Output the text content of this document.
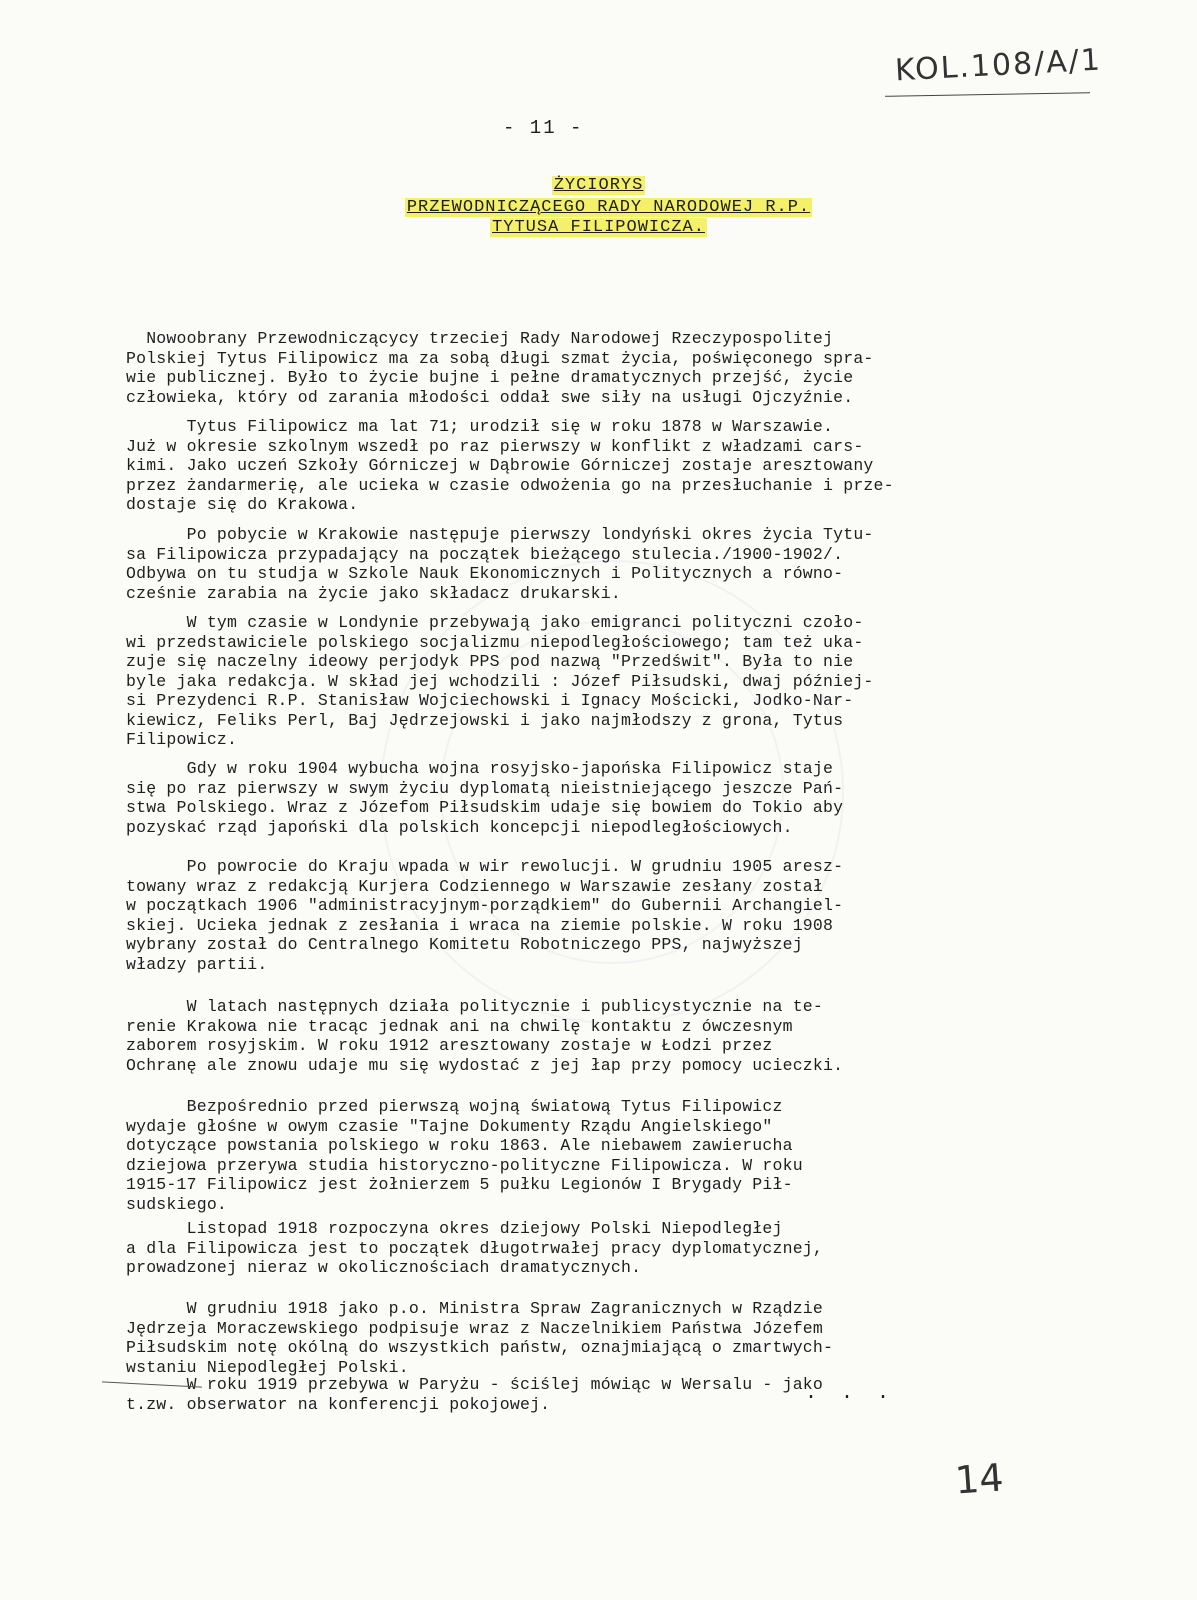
KOL.108/A/1
- 11 -
ŻYCIORYS
PRZEWODNICZĄCEGO RADY NARODOWEJ R.P.
TYTUSA FILIPOWICZA.

Nowoobrany Przewodniczącycy trzeciej Rady Narodowej Rzeczypospolitej
Polskiej Tytus Filipowicz ma za sobą długi szmat życia, poświęconego spra-
wie publicznej. Było to życie bujne i pełne dramatycznych przejść, życie
człowieka, który od zarania młodości oddał swe siły na usługi Ojczyźnie.

Tytus Filipowicz ma lat 71; urodził się w roku 1878 w Warszawie.
Już w okresie szkolnym wszedł po raz pierwszy w konflikt z władzami cars-
kimi. Jako uczeń Szkoły Górniczej w Dąbrowie Górniczej zostaje aresztowany
przez żandarmerię, ale ucieka w czasie odwożenia go na przesłuchanie i prze-
dostaje się do Krakowa.

Po pobycie w Krakowie następuje pierwszy londyński okres życia Tytu-
sa Filipowicza przypadający na początek bieżącego stulecia./1900-1902/.
Odbywa on tu studja w Szkole Nauk Ekonomicznych i Politycznych a równo-
cześnie zarabia na życie jako składacz drukarski.

W tym czasie w Londynie przebywają jako emigranci polityczni czoło-
wi przedstawiciele polskiego socjalizmu niepodległościowego; tam też uka-
zuje się naczelny ideowy perjodyk PPS pod nazwą "Przedświt". Była to nie
byle jaka redakcja. W skład jej wchodzili : Józef Piłsudski, dwaj później-
si Prezydenci R.P. Stanisław Wojciechowski i Ignacy Mościcki, Jodko-Nar-
kiewicz, Feliks Perl, Baj Jędrzejowski i jako najmłodszy z grona, Tytus
Filipowicz.

Gdy w roku 1904 wybucha wojna rosyjsko-japońska Filipowicz staje
się po raz pierwszy w swym życiu dyplomatą nieistniejącego jeszcze Pań-
stwa Polskiego. Wraz z Józefom Piłsudskim udaje się bowiem do Tokio aby
pozyskać rząd japoński dla polskich koncepcji niepodległościowych.

Po powrocie do Kraju wpada w wir rewolucji. W grudniu 1905 aresz-
towany wraz z redakcją Kurjera Codziennego w Warszawie zesłany został
w początkach 1906 "administracyjnym-porządkiem" do Gubernii Archangiel-
skiej. Ucieka jednak z zesłania i wraca na ziemie polskie. W roku 1908
wybrany został do Centralnego Komitetu Robotniczego PPS, najwyższej
władzy partii.

W latach następnych działa politycznie i publicystycznie na te-
renie Krakowa nie tracąc jednak ani na chwilę kontaktu z ówczesnym
zaborem rosyjskim. W roku 1912 aresztowany zostaje w Łodzi przez
Ochranę ale znowu udaje mu się wydostać z jej łap przy pomocy ucieczki.

Bezpośrednio przed pierwszą wojną światową Tytus Filipowicz
wydaje głośne w owym czasie "Tajne Dokumenty Rządu Angielskiego"
dotyczące powstania polskiego w roku 1863. Ale niebawem zawierucha
dziejowa przerywa studia historyczno-polityczne Filipowicza. W roku
1915-17 Filipowicz jest żołnierzem 5 pułku Legionów I Brygady Pił-
sudskiego.

Listopad 1918 rozpoczyna okres dziejowy Polski Niepodległej
a dla Filipowicza jest to początek długotrwałej pracy dyplomatycznej,
prowadzonej nieraz w okolicznościach dramatycznych.

W grudniu 1918 jako p.o. Ministra Spraw Zagranicznych w Rządzie
Jędrzeja Moraczewskiego podpisuje wraz z Naczelnikiem Państwa Józefem
Piłsudskim notę okólną do wszystkich państw, oznajmiającą o zmartwych-
wstaniu Niepodległej Polski.

W roku 1919 przebywa w Paryżu - ściślej mówiąc w Wersalu - jako
t.zw. obserwator na konferencji pokojowej.

	. . .
14
